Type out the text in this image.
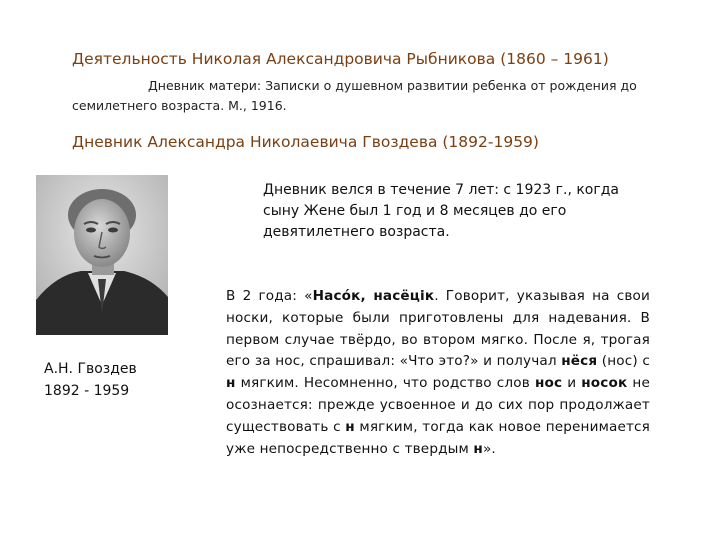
Деятельность Николая Александровича Рыбникова (1860 – 1961)
Дневник матери: Записки о душевном развитии ребенка от рождения до семилетнего возраста. М., 1916.
Дневник Александра Николаевича Гвоздева (1892-1959)
А.Н. Гвоздев
1892 - 1959
Дневник велся в течение 7 лет: с 1923 г., когда сыну Жене был 1 год и 8 месяцев до его девятилетнего возраста.
В 2 года: «Насóк, насёцік. Говорит, указывая на свои носки, которые были приготовлены для надевания. В первом случае твёрдо, во втором мягко. После я, трогая его за нос, спрашивал: «Что это?» и получал нёся (нос) с н мягким. Несомненно, что родство слов нос и носок не осознается: прежде усвоенное и до сих пор продолжает существовать с н мягким, тогда как новое перенимается уже непосредственно с твердым н».
